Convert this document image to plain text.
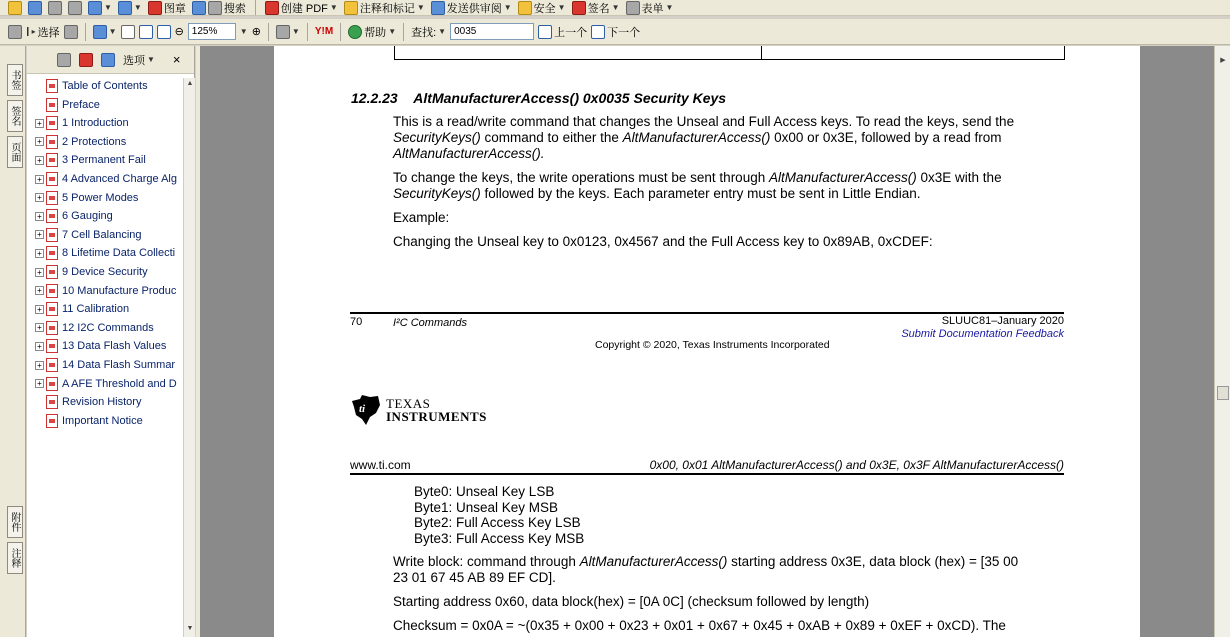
▼	▼ 图章	搜索	创建 PDF ▼ 注释和标记 ▼ 发送供审阅 ▼ 安全 ▼ 签名 ▼ 表单 ▼
I ▸ 选择	▼	⊖ 125%	▼ ⊕	▼ Y!M	帮助 ▼ 查找: ▼ 0035	上一个 下一个
书签
签名
页面
附件
注释
选项 ▼ ×
Table of Contents
Preface
+ 1 Introduction
+ 2 Protections
+ 3 Permanent Fail
+ 4 Advanced Charge Alg
+ 5 Power Modes
+ 6 Gauging
+ 7 Cell Balancing
+ 8 Lifetime Data Collecti
+ 9 Device Security
+ 10 Manufacture Produc
+ 11 Calibration
+ 12 I2C Commands
+ 13 Data Flash Values
+ 14 Data Flash Summar
+ A AFE Threshold and D
Revision History
Important Notice
▲
▼
12.2.23 AltManufacturerAccess() 0x0035 Security Keys
This is a read/write command that changes the Unseal and Full Access keys. To read the keys, send the
SecurityKeys() command to either the AltManufacturerAccess() 0x00 or 0x3E, followed by a read from
AltManufacturerAccess().
To change the keys, the write operations must be sent through AltManufacturerAccess() 0x3E with the
SecurityKeys() followed by the keys. Each parameter entry must be sent in Little Endian.
Example:
Changing the Unseal key to 0x0123, 0x4567 and the Full Access key to 0x89AB, 0xCDEF:
70	I²C Commands	SLUUC81–January 2020
Submit Documentation Feedback
Copyright © 2020, Texas Instruments Incorporated
ti TEXAS
INSTRUMENTS
www.ti.com	0x00, 0x01 AltManufacturerAccess() and 0x3E, 0x3F AltManufacturerAccess()
Byte0: Unseal Key LSB
Byte1: Unseal Key MSB
Byte2: Full Access Key LSB
Byte3: Full Access Key MSB
Write block: command through AltManufacturerAccess() starting address 0x3E, data block (hex) = [35 00
23 01 67 45 AB 89 EF CD].
Starting address 0x60, data block(hex) = [0A 0C] (checksum followed by length)
Checksum = 0x0A = ~(0x35 + 0x00 + 0x23 + 0x01 + 0x67 + 0x45 + 0xAB + 0x89 + 0xEF + 0xCD). The
▶
